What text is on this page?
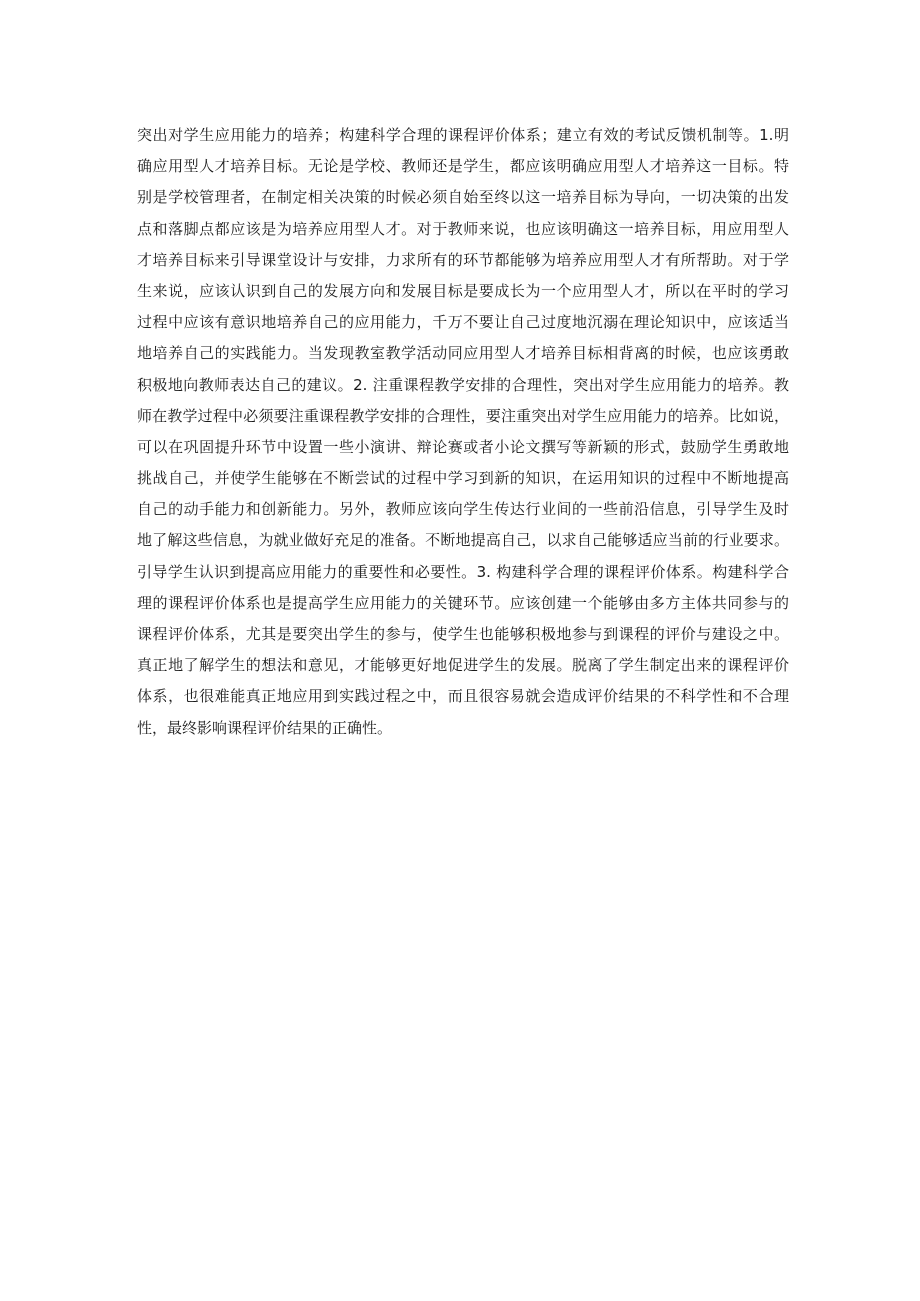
突出对学生应用能力的培养；构建科学合理的课程评价体系；建立有效的考试反馈机制等。1.明
确应用型人才培养目标。无论是学校、教师还是学生，都应该明确应用型人才培养这一目标。特
别是学校管理者，在制定相关决策的时候必须自始至终以这一培养目标为导向，一切决策的出发
点和落脚点都应该是为培养应用型人才。对于教师来说，也应该明确这一培养目标，用应用型人
才培养目标来引导课堂设计与安排，力求所有的环节都能够为培养应用型人才有所帮助。对于学
生来说，应该认识到自己的发展方向和发展目标是要成长为一个应用型人才，所以在平时的学习
过程中应该有意识地培养自己的应用能力，千万不要让自己过度地沉溺在理论知识中，应该适当
地培养自己的实践能力。当发现教室教学活动同应用型人才培养目标相背离的时候，也应该勇敢
积极地向教师表达自己的建议。2. 注重课程教学安排的合理性，突出对学生应用能力的培养。教
师在教学过程中必须要注重课程教学安排的合理性，要注重突出对学生应用能力的培养。比如说，
可以在巩固提升环节中设置一些小演讲、辩论赛或者小论文撰写等新颖的形式，鼓励学生勇敢地
挑战自己，并使学生能够在不断尝试的过程中学习到新的知识，在运用知识的过程中不断地提高
自己的动手能力和创新能力。另外，教师应该向学生传达行业间的一些前沿信息，引导学生及时
地了解这些信息，为就业做好充足的准备。不断地提高自己，以求自己能够适应当前的行业要求。
引导学生认识到提高应用能力的重要性和必要性。3. 构建科学合理的课程评价体系。构建科学合
理的课程评价体系也是提高学生应用能力的关键环节。应该创建一个能够由多方主体共同参与的
课程评价体系，尤其是要突出学生的参与，使学生也能够积极地参与到课程的评价与建设之中。
真正地了解学生的想法和意见，才能够更好地促进学生的发展。脱离了学生制定出来的课程评价
体系，也很难能真正地应用到实践过程之中，而且很容易就会造成评价结果的不科学性和不合理
性，最终影响课程评价结果的正确性。
